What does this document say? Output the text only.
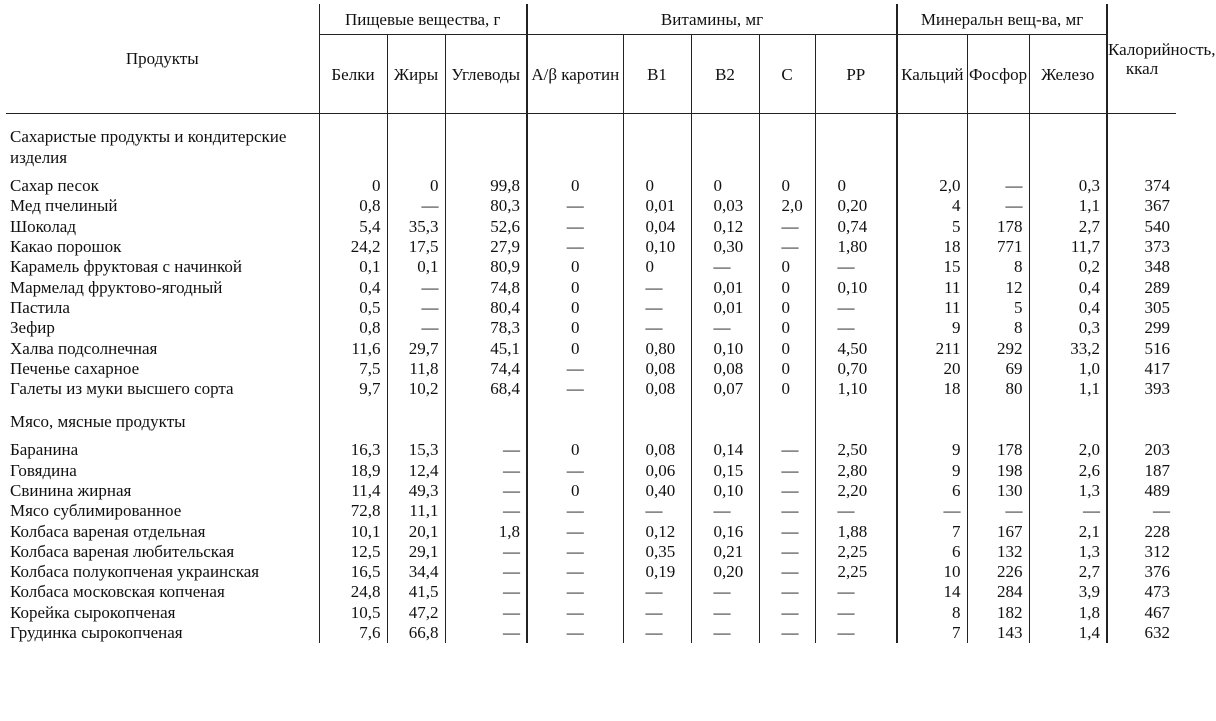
Продукты	Пищевые вещества, г			Витамины, мг					Минеральн вещ-ва, мг			Калорийность, ккал
	Белки	Жиры	Углеводы	A/β каротин	B1	B2	C	PP	Кальций	Фосфор	Железо	
Сахаристые продукты и кондитерские изделия												

Сахар песок	0	0	99,8	0	0	0	0	0	2,0	—	0,3	374
Мед пчелиный	0,8	—	80,3	—	0,01	0,03	2,0	0,20	4	—	1,1	367
Шоколад	5,4	35,3	52,6	—	0,04	0,12	—	0,74	5	178	2,7	540
Какао порошок	24,2	17,5	27,9	—	0,10	0,30	—	1,80	18	771	11,7	373
Карамель фруктовая с начинкой	0,1	0,1	80,9	0	0	—	0	—	15	8	0,2	348
Мармелад фруктово-ягодный	0,4	—	74,8	0	—	0,01	0	0,10	11	12	0,4	289
Пастила	0,5	—	80,4	0	—	0,01	0	—	11	5	0,4	305
Зефир	0,8	—	78,3	0	—	—	0	—	9	8	0,3	299
Халва подсолнечная	11,6	29,7	45,1	0	0,80	0,10	0	4,50	211	292	33,2	516
Печенье сахарное	7,5	11,8	74,4	—	0,08	0,08	0	0,70	20	69	1,0	417
Галеты из муки высшего сорта	9,7	10,2	68,4	—	0,08	0,07	0	1,10	18	80	1,1	393
Мясо, мясные продукты												

Баранина	16,3	15,3	—	0	0,08	0,14	—	2,50	9	178	2,0	203
Говядина	18,9	12,4	—	—	0,06	0,15	—	2,80	9	198	2,6	187
Свинина жирная	11,4	49,3	—	0	0,40	0,10	—	2,20	6	130	1,3	489
Мясо сублимированное	72,8	11,1	—	—	—	—	—	—	—	—	—	—
Колбаса вареная отдельная	10,1	20,1	1,8	—	0,12	0,16	—	1,88	7	167	2,1	228
Колбаса вареная любительская	12,5	29,1	—	—	0,35	0,21	—	2,25	6	132	1,3	312
Колбаса полукопченая украинская	16,5	34,4	—	—	0,19	0,20	—	2,25	10	226	2,7	376
Колбаса московская копченая	24,8	41,5	—	—	—	—	—	—	14	284	3,9	473
Корейка сырокопченая	10,5	47,2	—	—	—	—	—	—	8	182	1,8	467
Грудинка сырокопченая	7,6	66,8	—	—	—	—	—	—	7	143	1,4	632
